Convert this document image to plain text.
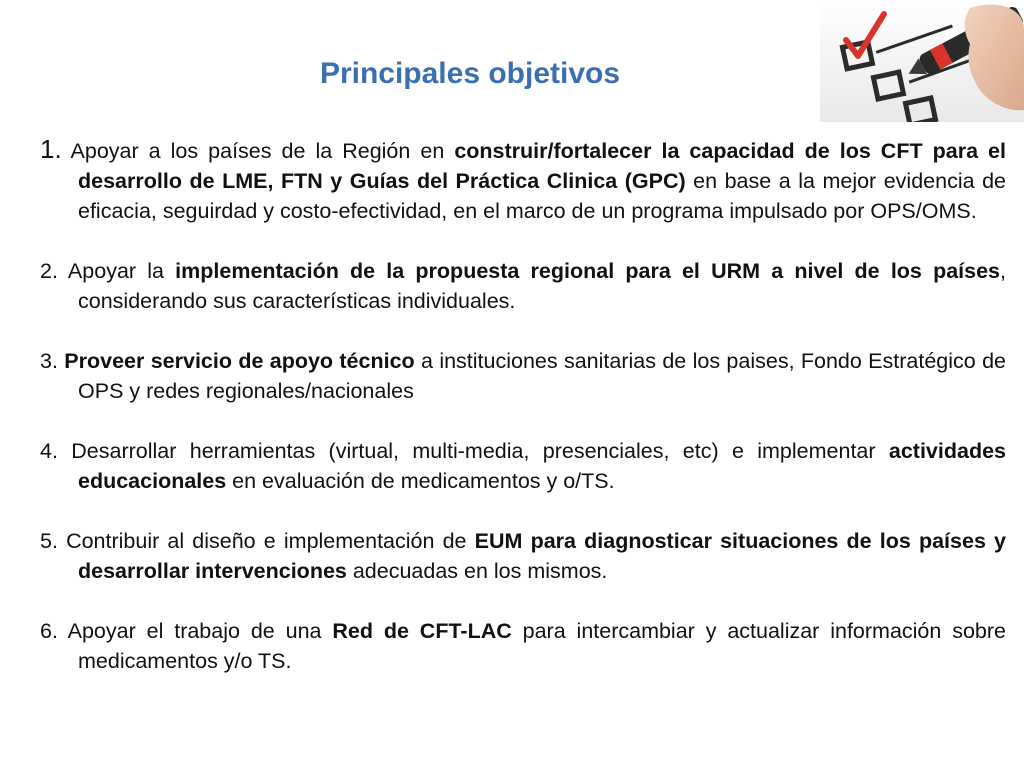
Principales objetivos

1. Apoyar a los países de la Región en construir/fortalecer la capacidad de los CFT para el desarrollo de LME, FTN y Guías del Práctica Clinica (GPC) en base a la mejor evidencia de eficacia, seguirdad y costo-efectividad, en el marco de un programa impulsado por OPS/OMS.

2. Apoyar la implementación de la propuesta regional para el URM a nivel de los países, considerando sus características individuales.

3. Proveer servicio de apoyo técnico a instituciones sanitarias de los paises, Fondo Estratégico de OPS y redes regionales/nacionales

4. Desarrollar herramientas (virtual, multi-media, presenciales, etc) e implementar actividades educacionales en evaluación de medicamentos y o/TS.

5. Contribuir al diseño e implementación de EUM para diagnosticar situaciones de los países y desarrollar intervenciones adecuadas en los mismos.

6. Apoyar el trabajo de una Red de CFT-LAC para intercambiar y actualizar información sobre medicamentos y/o TS.
